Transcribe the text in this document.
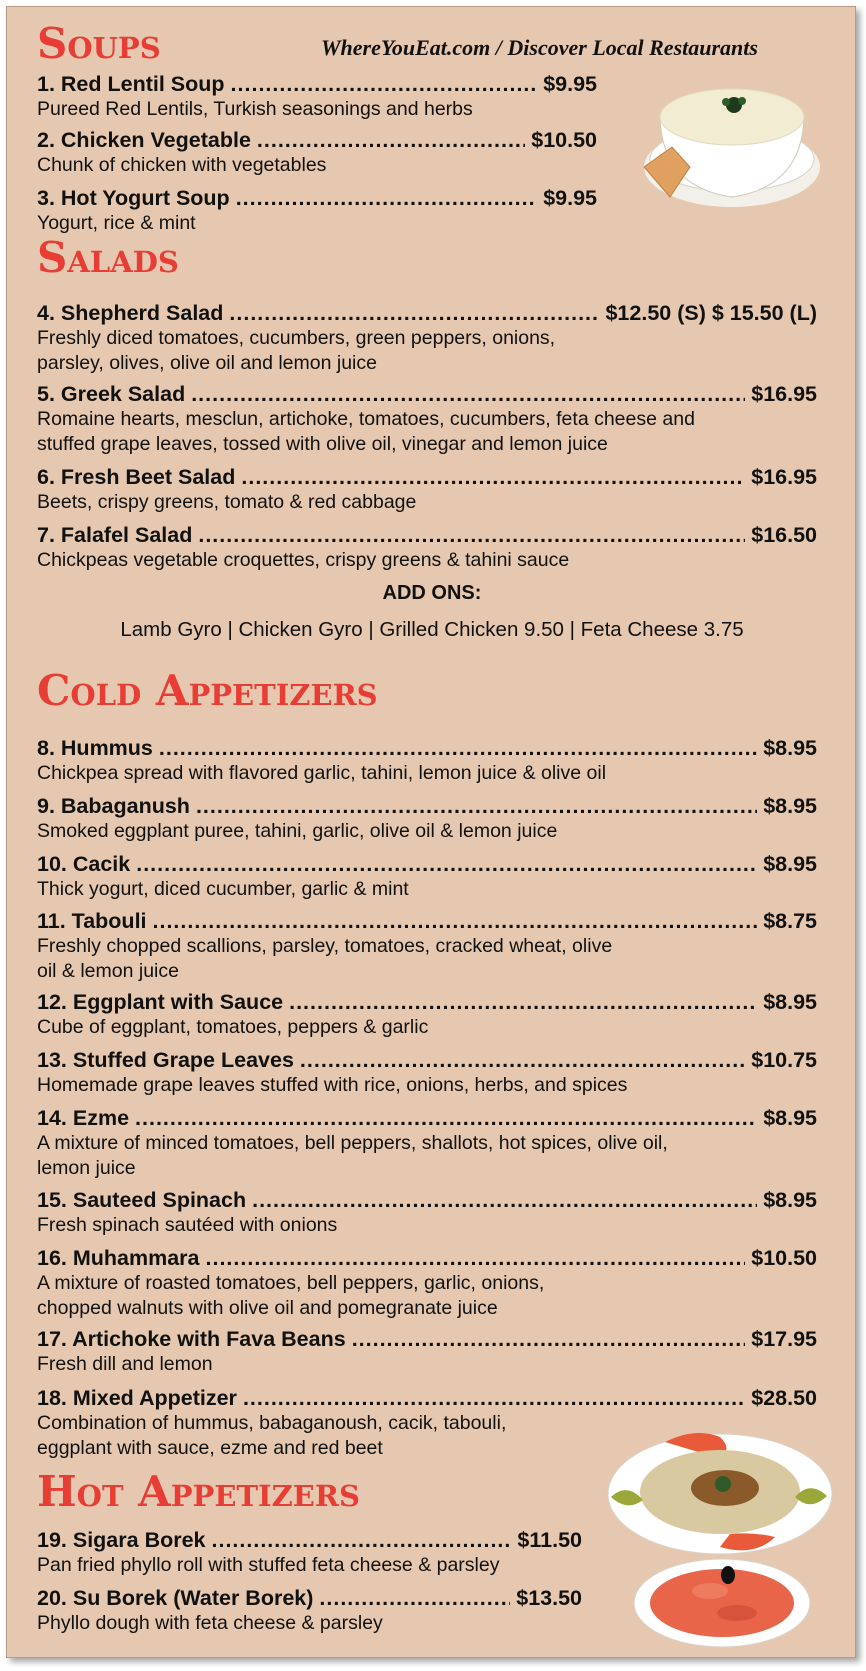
Soups	WhereYouEat.com / Discover Local Restaurants
Salads
Cold Appetizers
Hot Appetizers
1. Red Lentil Soup .....	$9.95
Pureed Red Lentils, Turkish seasonings and herbs
2. Chicken Vegetable .....	$10.50
Chunk of chicken with vegetables
3. Hot Yogurt Soup .....	$9.95
Yogurt, rice & mint
4. Shepherd Salad .....	$12.50 (S) $ 15.50 (L)
Freshly diced tomatoes, cucumbers, green peppers, onions,
parsley, olives, olive oil and lemon juice
5. Greek Salad .....	$16.95
Romaine hearts, mesclun, artichoke, tomatoes, cucumbers, feta cheese and
stuffed grape leaves, tossed with olive oil, vinegar and lemon juice
6. Fresh Beet Salad .....	$16.95
Beets, crispy greens, tomato & red cabbage
7. Falafel Salad .....	$16.50
Chickpeas vegetable croquettes, crispy greens & tahini sauce
8. Hummus .....	$8.95
Chickpea spread with flavored garlic, tahini, lemon juice & olive oil
9. Babaganush .....	$8.95
Smoked eggplant puree, tahini, garlic, olive oil & lemon juice
10. Cacik .....	$8.95
Thick yogurt, diced cucumber, garlic & mint
11. Tabouli .....	$8.75
Freshly chopped scallions, parsley, tomatoes, cracked wheat, olive
oil & lemon juice
12. Eggplant with Sauce .....	$8.95
Cube of eggplant, tomatoes, peppers & garlic
13. Stuffed Grape Leaves .....	$10.75
Homemade grape leaves stuffed with rice, onions, herbs, and spices
14. Ezme .....	$8.95
A mixture of minced tomatoes, bell peppers, shallots, hot spices, olive oil,
lemon juice
15. Sauteed Spinach .....	$8.95
Fresh spinach sautéed with onions
16. Muhammara .....	$10.50
A mixture of roasted tomatoes, bell peppers, garlic, onions,
chopped walnuts with olive oil and pomegranate juice
17. Artichoke with Fava Beans .....	$17.95
Fresh dill and lemon
18. Mixed Appetizer .....	$28.50
Combination of hummus, babaganoush, cacik, tabouli,
eggplant with sauce, ezme and red beet
19. Sigara Borek .....	$11.50
Pan fried phyllo roll with stuffed feta cheese & parsley
20. Su Borek (Water Borek) .....	$13.50
Phyllo dough with feta cheese & parsley
ADD ONS:
Lamb Gyro | Chicken Gyro | Grilled Chicken 9.50 | Feta Cheese 3.75
